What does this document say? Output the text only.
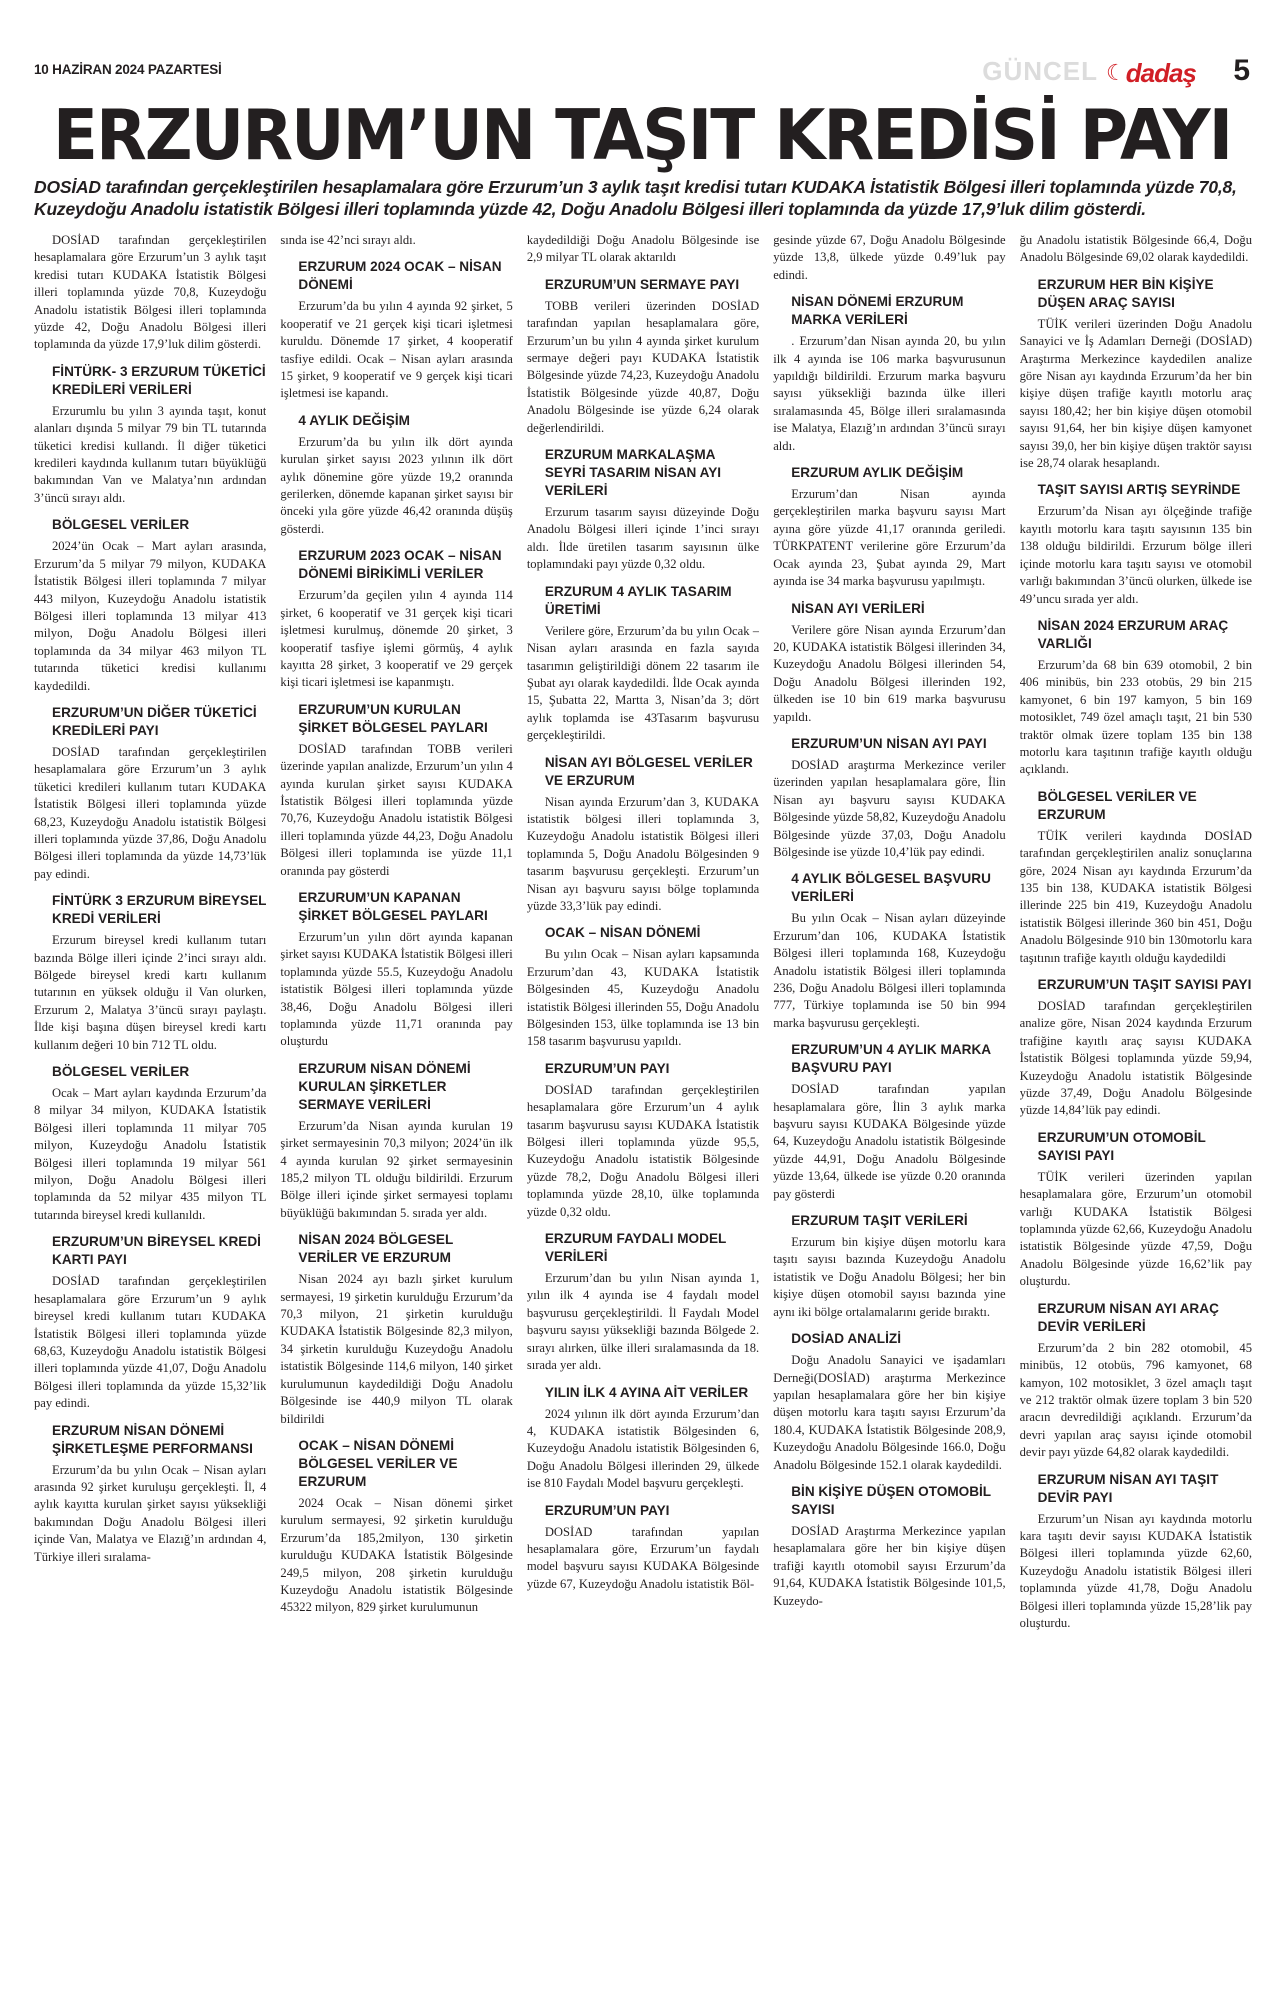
10 HAZİRAN 2024 PAZARTESİ	GÜNCEL ☾ dadaş 5
ERZURUM’UN TAŞIT KREDİSİ PAYI
DOSİAD tarafından gerçekleştirilen hesaplamalara göre Erzurum’un 3 aylık taşıt kredisi tutarı KUDAKA İstatistik Bölgesi illeri toplamında yüzde 70,8, Kuzeydoğu Anadolu istatistik Bölgesi illeri toplamında yüzde 42, Doğu Anadolu Bölgesi illeri toplamında da yüzde 17,9’luk dilim gösterdi.

DOSİAD tarafından gerçekleştirilen hesaplamalara göre Erzurum’un 3 aylık taşıt kredisi tutarı KUDAKA İstatistik Bölgesi illeri toplamında yüzde 70,8, Kuzeydoğu Anadolu istatistik Bölgesi illeri toplamında yüzde 42, Doğu Anadolu Bölgesi illeri toplamında da yüzde 17,9’luk dilim gösterdi.

FİNTÜRK- 3 ERZURUM TÜKETİCİ KREDİLERİ VERİLERİ

Erzurumlu bu yılın 3 ayında taşıt, konut alanları dışında 5 milyar 79 bin TL tutarında tüketici kredisi kullandı. İl diğer tüketici kredileri kaydında kullanım tutarı büyüklüğü bakımından Van ve Malatya’nın ardından 3’üncü sırayı aldı.

BÖLGESEL VERİLER

2024’ün Ocak – Mart ayları arasında, Erzurum’da 5 milyar 79 milyon, KUDAKA İstatistik Bölgesi illeri toplamında 7 milyar 443 milyon, Kuzeydoğu Anadolu istatistik Bölgesi illeri toplamında 13 milyar 413 milyon, Doğu Anadolu Bölgesi illeri toplamında da 34 milyar 463 milyon TL tutarında tüketici kredisi kullanımı kaydedildi.

ERZURUM’UN DİĞER TÜKETİCİ KREDİLERİ PAYI

DOSİAD tarafından gerçekleştirilen hesaplamalara göre Erzurum’un 3 aylık tüketici kredileri kullanım tutarı KUDAKA İstatistik Bölgesi illeri toplamında yüzde 68,23, Kuzeydoğu Anadolu istatistik Bölgesi illeri toplamında yüzde 37,86, Doğu Anadolu Bölgesi illeri toplamında da yüzde 14,73’lük pay edindi.

FİNTÜRK 3 ERZURUM BİREYSEL KREDİ VERİLERİ

Erzurum bireysel kredi kullanım tutarı bazında Bölge illeri içinde 2’inci sırayı aldı. Bölgede bireysel kredi kartı kullanım tutarının en yüksek olduğu il Van olurken, Erzurum 2, Malatya 3’üncü sırayı paylaştı. İlde kişi başına düşen bireysel kredi kartı kullanım değeri 10 bin 712 TL oldu.

BÖLGESEL VERİLER

Ocak – Mart ayları kaydında Erzurum’da 8 milyar 34 milyon, KUDAKA İstatistik Bölgesi illeri toplamında 11 milyar 705 milyon, Kuzeydoğu Anadolu İstatistik Bölgesi illeri toplamında 19 milyar 561 milyon, Doğu Anadolu Bölgesi illeri toplamında da 52 milyar 435 milyon TL tutarında bireysel kredi kullanıldı.

ERZURUM’UN BİREYSEL KREDİ KARTI PAYI

DOSİAD tarafından gerçekleştirilen hesaplamalara göre Erzurum’un 9 aylık bireysel kredi kullanım tutarı KUDAKA İstatistik Bölgesi illeri toplamında yüzde 68,63, Kuzeydoğu Anadolu istatistik Bölgesi illeri toplamında yüzde 41,07, Doğu Anadolu Bölgesi illeri toplamında da yüzde 15,32’lik pay edindi.

ERZURUM NİSAN DÖNEMİ ŞİRKETLEŞME PERFORMANSI

Erzurum’da bu yılın Ocak – Nisan ayları arasında 92 şirket kuruluşu gerçekleşti. İl, 4 aylık kayıtta kurulan şirket sayısı yüksekliği bakımından Doğu Anadolu Bölgesi illeri içinde Van, Malatya ve Elazığ’ın ardından 4, Türkiye illeri sıralama-

sında ise 42’nci sırayı aldı.

ERZURUM 2024 OCAK – NİSAN DÖNEMİ

Erzurum’da bu yılın 4 ayında 92 şirket, 5 kooperatif ve 21 gerçek kişi ticari işletmesi kuruldu. Dönemde 17 şirket, 4 kooperatif tasfiye edildi. Ocak – Nisan ayları arasında 15 şirket, 9 kooperatif ve 9 gerçek kişi ticari işletmesi ise kapandı.

4 AYLIK DEĞİŞİM

Erzurum’da bu yılın ilk dört ayında kurulan şirket sayısı 2023 yılının ilk dört aylık dönemine göre yüzde 19,2 oranında gerilerken, dönemde kapanan şirket sayısı bir önceki yıla göre yüzde 46,42 oranında düşüş gösterdi.

ERZURUM 2023 OCAK – NİSAN DÖNEMİ BİRİKİMLİ VERİLER

Erzurum’da geçilen yılın 4 ayında 114 şirket, 6 kooperatif ve 31 gerçek kişi ticari işletmesi kurulmuş, dönemde 20 şirket, 3 kooperatif tasfiye işlemi görmüş, 4 aylık kayıtta 28 şirket, 3 kooperatif ve 29 gerçek kişi ticari işletmesi ise kapanmıştı.

ERZURUM’UN KURULAN ŞİRKET BÖLGESEL PAYLARI

DOSİAD tarafından TOBB verileri üzerinde yapılan analizde, Erzurum’un yılın 4 ayında kurulan şirket sayısı KUDAKA İstatistik Bölgesi illeri toplamında yüzde 70,76, Kuzeydoğu Anadolu istatistik Bölgesi illeri toplamında yüzde 44,23, Doğu Anadolu Bölgesi illeri toplamında ise yüzde 11,1 oranında pay gösterdi

ERZURUM’UN KAPANAN ŞİRKET BÖLGESEL PAYLARI

Erzurum’un yılın dört ayında kapanan şirket sayısı KUDAKA İstatistik Bölgesi illeri toplamında yüzde 55.5, Kuzeydoğu Anadolu istatistik Bölgesi illeri toplamında yüzde 38,46, Doğu Anadolu Bölgesi illeri toplamında yüzde 11,71 oranında pay oluşturdu

ERZURUM NİSAN DÖNEMİ KURULAN ŞİRKETLER SERMAYE VERİLERİ

Erzurum’da Nisan ayında kurulan 19 şirket sermayesinin 70,3 milyon; 2024’ün ilk 4 ayında kurulan 92 şirket sermayesinin 185,2 milyon TL olduğu bildirildi. Erzurum Bölge illeri içinde şirket sermayesi toplamı büyüklüğü bakımından 5. sırada yer aldı.

NİSAN 2024 BÖLGESEL VERİLER VE ERZURUM

Nisan 2024 ayı bazlı şirket kurulum sermayesi, 19 şirketin kurulduğu Erzurum’da 70,3 milyon, 21 şirketin kurulduğu KUDAKA İstatistik Bölgesinde 82,3 milyon, 34 şirketin kurulduğu Kuzeydoğu Anadolu istatistik Bölgesinde 114,6 milyon, 140 şirket kurulumunun kaydedildiği Doğu Anadolu Bölgesinde ise 440,9 milyon TL olarak bildirildi

OCAK – NİSAN DÖNEMİ BÖLGESEL VERİLER VE ERZURUM

2024 Ocak – Nisan dönemi şirket kurulum sermayesi, 92 şirketin kurulduğu Erzurum’da 185,2milyon, 130 şirketin kurulduğu KUDAKA İstatistik Bölgesinde 249,5 milyon, 208 şirketin kurulduğu Kuzeydoğu Anadolu istatistik Bölgesinde 45322 milyon, 829 şirket kurulumunun

kaydedildiği Doğu Anadolu Bölgesinde ise 2,9 milyar TL olarak aktarıldı

ERZURUM’UN SERMAYE PAYI

TOBB verileri üzerinden DOSİAD tarafından yapılan hesaplamalara göre, Erzurum’un bu yılın 4 ayında şirket kurulum sermaye değeri payı KUDAKA İstatistik Bölgesinde yüzde 74,23, Kuzeydoğu Anadolu İstatistik Bölgesinde yüzde 40,87, Doğu Anadolu Bölgesinde ise yüzde 6,24 olarak değerlendirildi.

ERZURUM MARKALAŞMA SEYRİ TASARIM NİSAN AYI VERİLERİ

Erzurum tasarım sayısı düzeyinde Doğu Anadolu Bölgesi illeri içinde 1’inci sırayı aldı. İlde üretilen tasarım sayısının ülke toplamındaki payı yüzde 0,32 oldu.

ERZURUM 4 AYLIK TASARIM ÜRETİMİ

Verilere göre, Erzurum’da bu yılın Ocak – Nisan ayları arasında en fazla sayıda tasarımın geliştirildiği dönem 22 tasarım ile Şubat ayı olarak kaydedildi. İlde Ocak ayında 15, Şubatta 22, Martta 3, Nisan’da 3; dört aylık toplamda ise 43Tasarım başvurusu gerçekleştirildi.

NİSAN AYI BÖLGESEL VERİLER VE ERZURUM

Nisan ayında Erzurum’dan 3, KUDAKA istatistik bölgesi illeri toplamında 3, Kuzeydoğu Anadolu istatistik Bölgesi illeri toplamında 5, Doğu Anadolu Bölgesinden 9 tasarım başvurusu gerçekleşti. Erzurum’un Nisan ayı başvuru sayısı bölge toplamında yüzde 33,3’lük pay edindi.

OCAK – NİSAN DÖNEMİ

Bu yılın Ocak – Nisan ayları kapsamında Erzurum’dan 43, KUDAKA İstatistik Bölgesinden 45, Kuzeydoğu Anadolu istatistik Bölgesi illerinden 55, Doğu Anadolu Bölgesinden 153, ülke toplamında ise 13 bin 158 tasarım başvurusu yapıldı.

ERZURUM’UN PAYI

DOSİAD tarafından gerçekleştirilen hesaplamalara göre Erzurum’un 4 aylık tasarım başvurusu sayısı KUDAKA İstatistik Bölgesi illeri toplamında yüzde 95,5, Kuzeydoğu Anadolu istatistik Bölgesinde yüzde 78,2, Doğu Anadolu Bölgesi illeri toplamında yüzde 28,10, ülke toplamında yüzde 0,32 oldu.

ERZURUM FAYDALI MODEL VERİLERİ

Erzurum’dan bu yılın Nisan ayında 1, yılın ilk 4 ayında ise 4 faydalı model başvurusu gerçekleştirildi. İl Faydalı Model başvuru sayısı yüksekliği bazında Bölgede 2. sırayı alırken, ülke illeri sıralamasında da 18. sırada yer aldı.

YILIN İLK 4 AYINA AİT VERİLER

2024 yılının ilk dört ayında Erzurum’dan 4, KUDAKA istatistik Bölgesinden 6, Kuzeydoğu Anadolu istatistik Bölgesinden 6, Doğu Anadolu Bölgesi illerinden 29, ülkede ise 810 Faydalı Model başvuru gerçekleşti.

ERZURUM’UN PAYI

DOSİAD tarafından yapılan hesaplamalara göre, Erzurum’un faydalı model başvuru sayısı KUDAKA Bölgesinde yüzde 67, Kuzeydoğu Anadolu istatistik Böl-

gesinde yüzde 67, Doğu Anadolu Bölgesinde yüzde 13,8, ülkede yüzde 0.49’luk pay edindi.

NİSAN DÖNEMİ ERZURUM MARKA VERİLERİ

. Erzurum’dan Nisan ayında 20, bu yılın ilk 4 ayında ise 106 marka başvurusunun yapıldığı bildirildi. Erzurum marka başvuru sayısı yüksekliği bazında ülke illeri sıralamasında 45, Bölge illeri sıralamasında ise Malatya, Elazığ’ın ardından 3’üncü sırayı aldı.

ERZURUM AYLIK DEĞİŞİM

Erzurum’dan Nisan ayında gerçekleştirilen marka başvuru sayısı Mart ayına göre yüzde 41,17 oranında geriledi. TÜRKPATENT verilerine göre Erzurum’da Ocak ayında 23, Şubat ayında 29, Mart ayında ise 34 marka başvurusu yapılmıştı.

NİSAN AYI VERİLERİ

Verilere göre Nisan ayında Erzurum’dan 20, KUDAKA istatistik Bölgesi illerinden 34, Kuzeydoğu Anadolu Bölgesi illerinden 54, Doğu Anadolu Bölgesi illerinden 192, ülkeden ise 10 bin 619 marka başvurusu yapıldı.

ERZURUM’UN NİSAN AYI PAYI

DOSİAD araştırma Merkezince veriler üzerinden yapılan hesaplamalara göre, İlin Nisan ayı başvuru sayısı KUDAKA Bölgesinde yüzde 58,82, Kuzeydoğu Anadolu Bölgesinde yüzde 37,03, Doğu Anadolu Bölgesinde ise yüzde 10,4’lük pay edindi.

4 AYLIK BÖLGESEL BAŞVURU VERİLERİ

Bu yılın Ocak – Nisan ayları düzeyinde Erzurum’dan 106, KUDAKA İstatistik Bölgesi illeri toplamında 168, Kuzeydoğu Anadolu istatistik Bölgesi illeri toplamında 236, Doğu Anadolu Bölgesi illeri toplamında 777, Türkiye toplamında ise 50 bin 994 marka başvurusu gerçekleşti.

ERZURUM’UN 4 AYLIK MARKA BAŞVURU PAYI

DOSİAD tarafından yapılan hesaplamalara göre, İlin 3 aylık marka başvuru sayısı KUDAKA Bölgesinde yüzde 64, Kuzeydoğu Anadolu istatistik Bölgesinde yüzde 44,91, Doğu Anadolu Bölgesinde yüzde 13,64, ülkede ise yüzde 0.20 oranında pay gösterdi

ERZURUM TAŞIT VERİLERİ

Erzurum bin kişiye düşen motorlu kara taşıtı sayısı bazında Kuzeydoğu Anadolu istatistik ve Doğu Anadolu Bölgesi; her bin kişiye düşen otomobil sayısı bazında yine aynı iki bölge ortalamalarını geride bıraktı.

DOSİAD ANALİZİ

Doğu Anadolu Sanayici ve işadamları Derneği(DOSİAD) araştırma Merkezince yapılan hesaplamalara göre her bin kişiye düşen motorlu kara taşıtı sayısı Erzurum’da 180.4, KUDAKA İstatistik Bölgesinde 208,9, Kuzeydoğu Anadolu Bölgesinde 166.0, Doğu Anadolu Bölgesinde 152.1 olarak kaydedildi.

BİN KİŞİYE DÜŞEN OTOMOBİL SAYISI

DOSİAD Araştırma Merkezince yapılan hesaplamalara göre her bin kişiye düşen trafiği kayıtlı otomobil sayısı Erzurum’da 91,64, KUDAKA İstatistik Bölgesinde 101,5, Kuzeydo-

ğu Anadolu istatistik Bölgesinde 66,4, Doğu Anadolu Bölgesinde 69,02 olarak kaydedildi.

ERZURUM HER BİN KİŞİYE DÜŞEN ARAÇ SAYISI

TÜİK verileri üzerinden Doğu Anadolu Sanayici ve İş Adamları Derneği (DOSİAD) Araştırma Merkezince kaydedilen analize göre Nisan ayı kaydında Erzurum’da her bin kişiye düşen trafiğe kayıtlı motorlu araç sayısı 180,42; her bin kişiye düşen otomobil sayısı 91,64, her bin kişiye düşen kamyonet sayısı 39,0, her bin kişiye düşen traktör sayısı ise 28,74 olarak hesaplandı.

TAŞIT SAYISI ARTIŞ SEYRİNDE

Erzurum’da Nisan ayı ölçeğinde trafiğe kayıtlı motorlu kara taşıtı sayısının 135 bin 138 olduğu bildirildi. Erzurum bölge illeri içinde motorlu kara taşıtı sayısı ve otomobil varlığı bakımından 3’üncü olurken, ülkede ise 49’uncu sırada yer aldı.

NİSAN 2024 ERZURUM ARAÇ VARLIĞI

Erzurum’da 68 bin 639 otomobil, 2 bin 406 minibüs, bin 233 otobüs, 29 bin 215 kamyonet, 6 bin 197 kamyon, 5 bin 169 motosiklet, 749 özel amaçlı taşıt, 21 bin 530 traktör olmak üzere toplam 135 bin 138 motorlu kara taşıtının trafiğe kayıtlı olduğu açıklandı.

BÖLGESEL VERİLER VE ERZURUM

TÜİK verileri kaydında DOSİAD tarafından gerçekleştirilen analiz sonuçlarına göre, 2024 Nisan ayı kaydında Erzurum’da 135 bin 138, KUDAKA istatistik Bölgesi illerinde 225 bin 419, Kuzeydoğu Anadolu istatistik Bölgesi illerinde 360 bin 451, Doğu Anadolu Bölgesinde 910 bin 130motorlu kara taşıtının trafiğe kayıtlı olduğu kaydedildi

ERZURUM’UN TAŞIT SAYISI PAYI

DOSİAD tarafından gerçekleştirilen analize göre, Nisan 2024 kaydında Erzurum trafiğine kayıtlı araç sayısı KUDAKA İstatistik Bölgesi toplamında yüzde 59,94, Kuzeydoğu Anadolu istatistik Bölgesinde yüzde 37,49, Doğu Anadolu Bölgesinde yüzde 14,84’lük pay edindi.

ERZURUM’UN OTOMOBİL SAYISI PAYI

TÜİK verileri üzerinden yapılan hesaplamalara göre, Erzurum’un otomobil varlığı KUDAKA İstatistik Bölgesi toplamında yüzde 62,66, Kuzeydoğu Anadolu istatistik Bölgesinde yüzde 47,59, Doğu Anadolu Bölgesinde yüzde 16,62’lik pay oluşturdu.

ERZURUM NİSAN AYI ARAÇ DEVİR VERİLERİ

Erzurum’da 2 bin 282 otomobil, 45 minibüs, 12 otobüs, 796 kamyonet, 68 kamyon, 102 motosiklet, 3 özel amaçlı taşıt ve 212 traktör olmak üzere toplam 3 bin 520 aracın devredildiği açıklandı. Erzurum’da devri yapılan araç sayısı içinde otomobil devir payı yüzde 64,82 olarak kaydedildi.

ERZURUM NİSAN AYI TAŞIT DEVİR PAYI

Erzurum’un Nisan ayı kaydında motorlu kara taşıtı devir sayısı KUDAKA İstatistik Bölgesi illeri toplamında yüzde 62,60, Kuzeydoğu Anadolu istatistik Bölgesi illeri toplamında yüzde 41,78, Doğu Anadolu Bölgesi illeri toplamında yüzde 15,28’lik pay oluşturdu.
